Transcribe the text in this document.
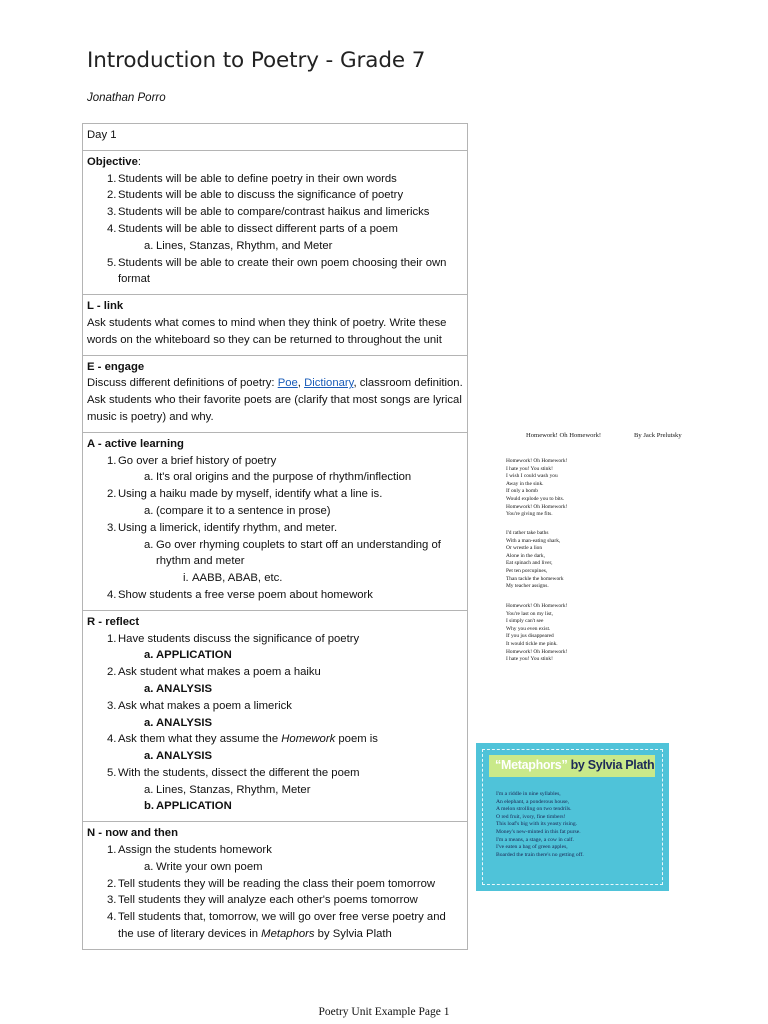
Introduction to Poetry - Grade 7
Jonathan Porro
Day 1

Objective:
1. Students will be able to define poetry in their own words
2. Students will be able to discuss the significance of poetry
3. Students will be able to compare/contrast haikus and limericks
4. Students will be able to dissect different parts of a poem
a. Lines, Stanzas, Rhythm, and Meter
5. Students will be able to create their own poem choosing their own format

L - link
Ask students what comes to mind when they think of poetry. Write these words on the whiteboard so they can be returned to throughout the unit

E - engage
Discuss different definitions of poetry: Poe, Dictionary, classroom definition. Ask students who their favorite poets are (clarify that most songs are lyrical music is poetry) and why.

A - active learning
1. Go over a brief history of poetry
a. It's oral origins and the purpose of rhythm/inflection
2. Using a haiku made by myself, identify what a line is.
a. (compare it to a sentence in prose)
3. Using a limerick, identify rhythm, and meter.
a. Go over rhyming couplets to start off an understanding of rhythm and meter
i. AABB, ABAB, etc.
4. Show students a free verse poem about homework

R - reflect
1. Have students discuss the significance of poetry
a. APPLICATION
2. Ask student what makes a poem a haiku
a. ANALYSIS
3. Ask what makes a poem a limerick
a. ANALYSIS
4. Ask them what they assume the Homework poem is
a. ANALYSIS
5. With the students, dissect the different the poem
a. Lines, Stanzas, Rhythm, Meter
b. APPLICATION

N - now and then
1. Assign the students homework
a. Write your own poem
2. Tell students they will be reading the class their poem tomorrow
3. Tell students they will analyze each other's poems tomorrow
4. Tell students that, tomorrow, we will go over free verse poetry and the use of literary devices in Metaphors by Sylvia Plath
Homework! Oh Homework!	By Jack Prelutsky
Homework! Oh Homework!
I hate you! You stink!
I wish I could wash you
Away in the sink.
If only a bomb
Would explode you to bits.
Homework! Oh Homework!
You're giving me fits.
I'd rather take baths
With a man-eating shark,
Or wrestle a lion
Alone in the dark,
Eat spinach and liver,
Pet ten porcupines,
Than tackle the homework
My teacher assigns.
Homework! Oh Homework!
You're last on my list,
I simply can't see
Why you even exist.
If you jus disappeared
It would tickle me pink.
Homework! Oh Homework!
I hate you! You stink!
“Metaphors” by Sylvia Plath
I'm a riddle in nine syllables,
An elephant, a ponderous house,
A melon strolling on two tendrils.
O red fruit, ivory, fine timbers!
This loaf's big with its yeasty rising.
Money's new-minted in this fat purse.
I'm a means, a stage, a cow in calf.
I've eaten a bag of green apples,
Boarded the train there's no getting off.
Poetry Unit Example Page 1
